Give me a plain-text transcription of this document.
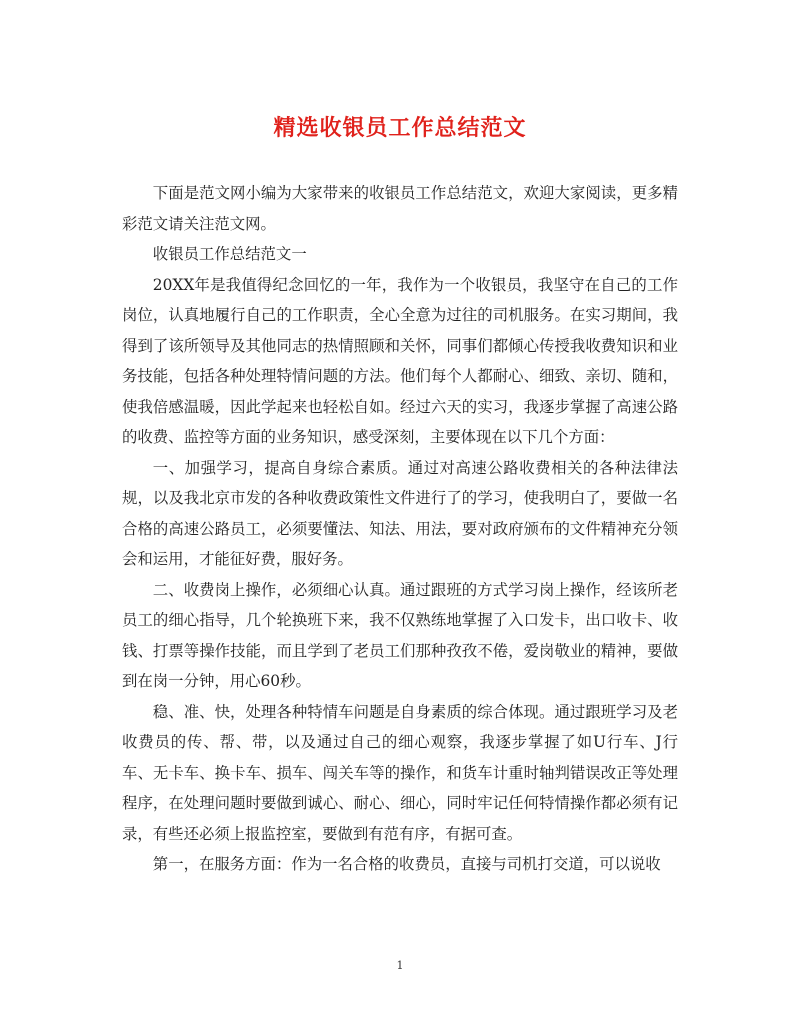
精选收银员工作总结范文

下面是范文网小编为大家带来的收银员工作总结范文，欢迎大家阅读，更多精彩范文请关注范文网。

收银员工作总结范文一

20XX年是我值得纪念回忆的一年，我作为一个收银员，我坚守在自己的工作岗位，认真地履行自己的工作职责，全心全意为过往的司机服务。在实习期间，我得到了该所领导及其他同志的热情照顾和关怀，同事们都倾心传授我收费知识和业务技能，包括各种处理特情问题的方法。他们每个人都耐心、细致、亲切、随和，使我倍感温暖，因此学起来也轻松自如。经过六天的实习，我逐步掌握了高速公路的收费、监控等方面的业务知识，感受深刻，主要体现在以下几个方面：

一、加强学习，提高自身综合素质。通过对高速公路收费相关的各种法律法规，以及我北京市发的各种收费政策性文件进行了的学习，使我明白了，要做一名合格的高速公路员工，必须要懂法、知法、用法，要对政府颁布的文件精神充分领会和运用，才能征好费，服好务。

二、收费岗上操作，必须细心认真。通过跟班的方式学习岗上操作，经该所老员工的细心指导，几个轮换班下来，我不仅熟练地掌握了入口发卡，出口收卡、收钱、打票等操作技能，而且学到了老员工们那种孜孜不倦，爱岗敬业的精神，要做到在岗一分钟，用心60秒。

稳、准、快，处理各种特情车问题是自身素质的综合体现。通过跟班学习及老收费员的传、帮、带，以及通过自己的细心观察，我逐步掌握了如U行车、J行车、无卡车、换卡车、损车、闯关车等的操作，和货车计重时轴判错误改正等处理程序，在处理问题时要做到诚心、耐心、细心，同时牢记任何特情操作都必须有记录，有些还必须上报监控室，要做到有范有序，有据可查。

第一，在服务方面：作为一名合格的收费员，直接与司机打交道，可以说收

1
